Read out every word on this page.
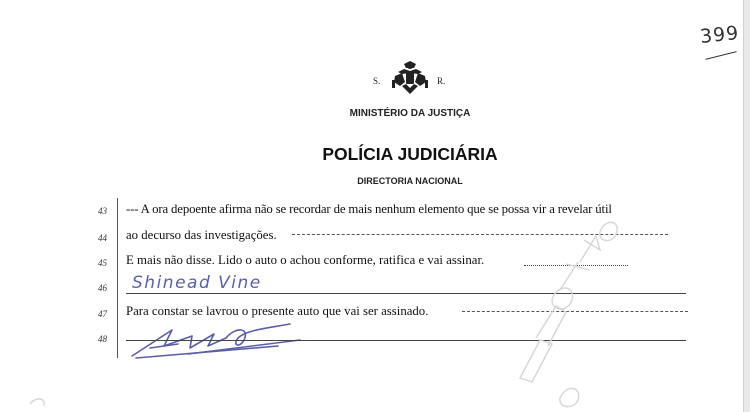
399
S.	R.
MINISTÉRIO DA JUSTIÇA
POLÍCIA JUDICIÁRIA
DIRECTORIA NACIONAL
43 --- A ora depoente afirma não se recordar de mais nenhum elemento que se possa vir a revelar útil
44 ao decurso das investigações.
45 E mais não disse. Lido o auto o achou conforme, ratifica e vai assinar.
46 Shinead Vine
47 Para constar se lavrou o presente auto que vai ser assinado.
48
